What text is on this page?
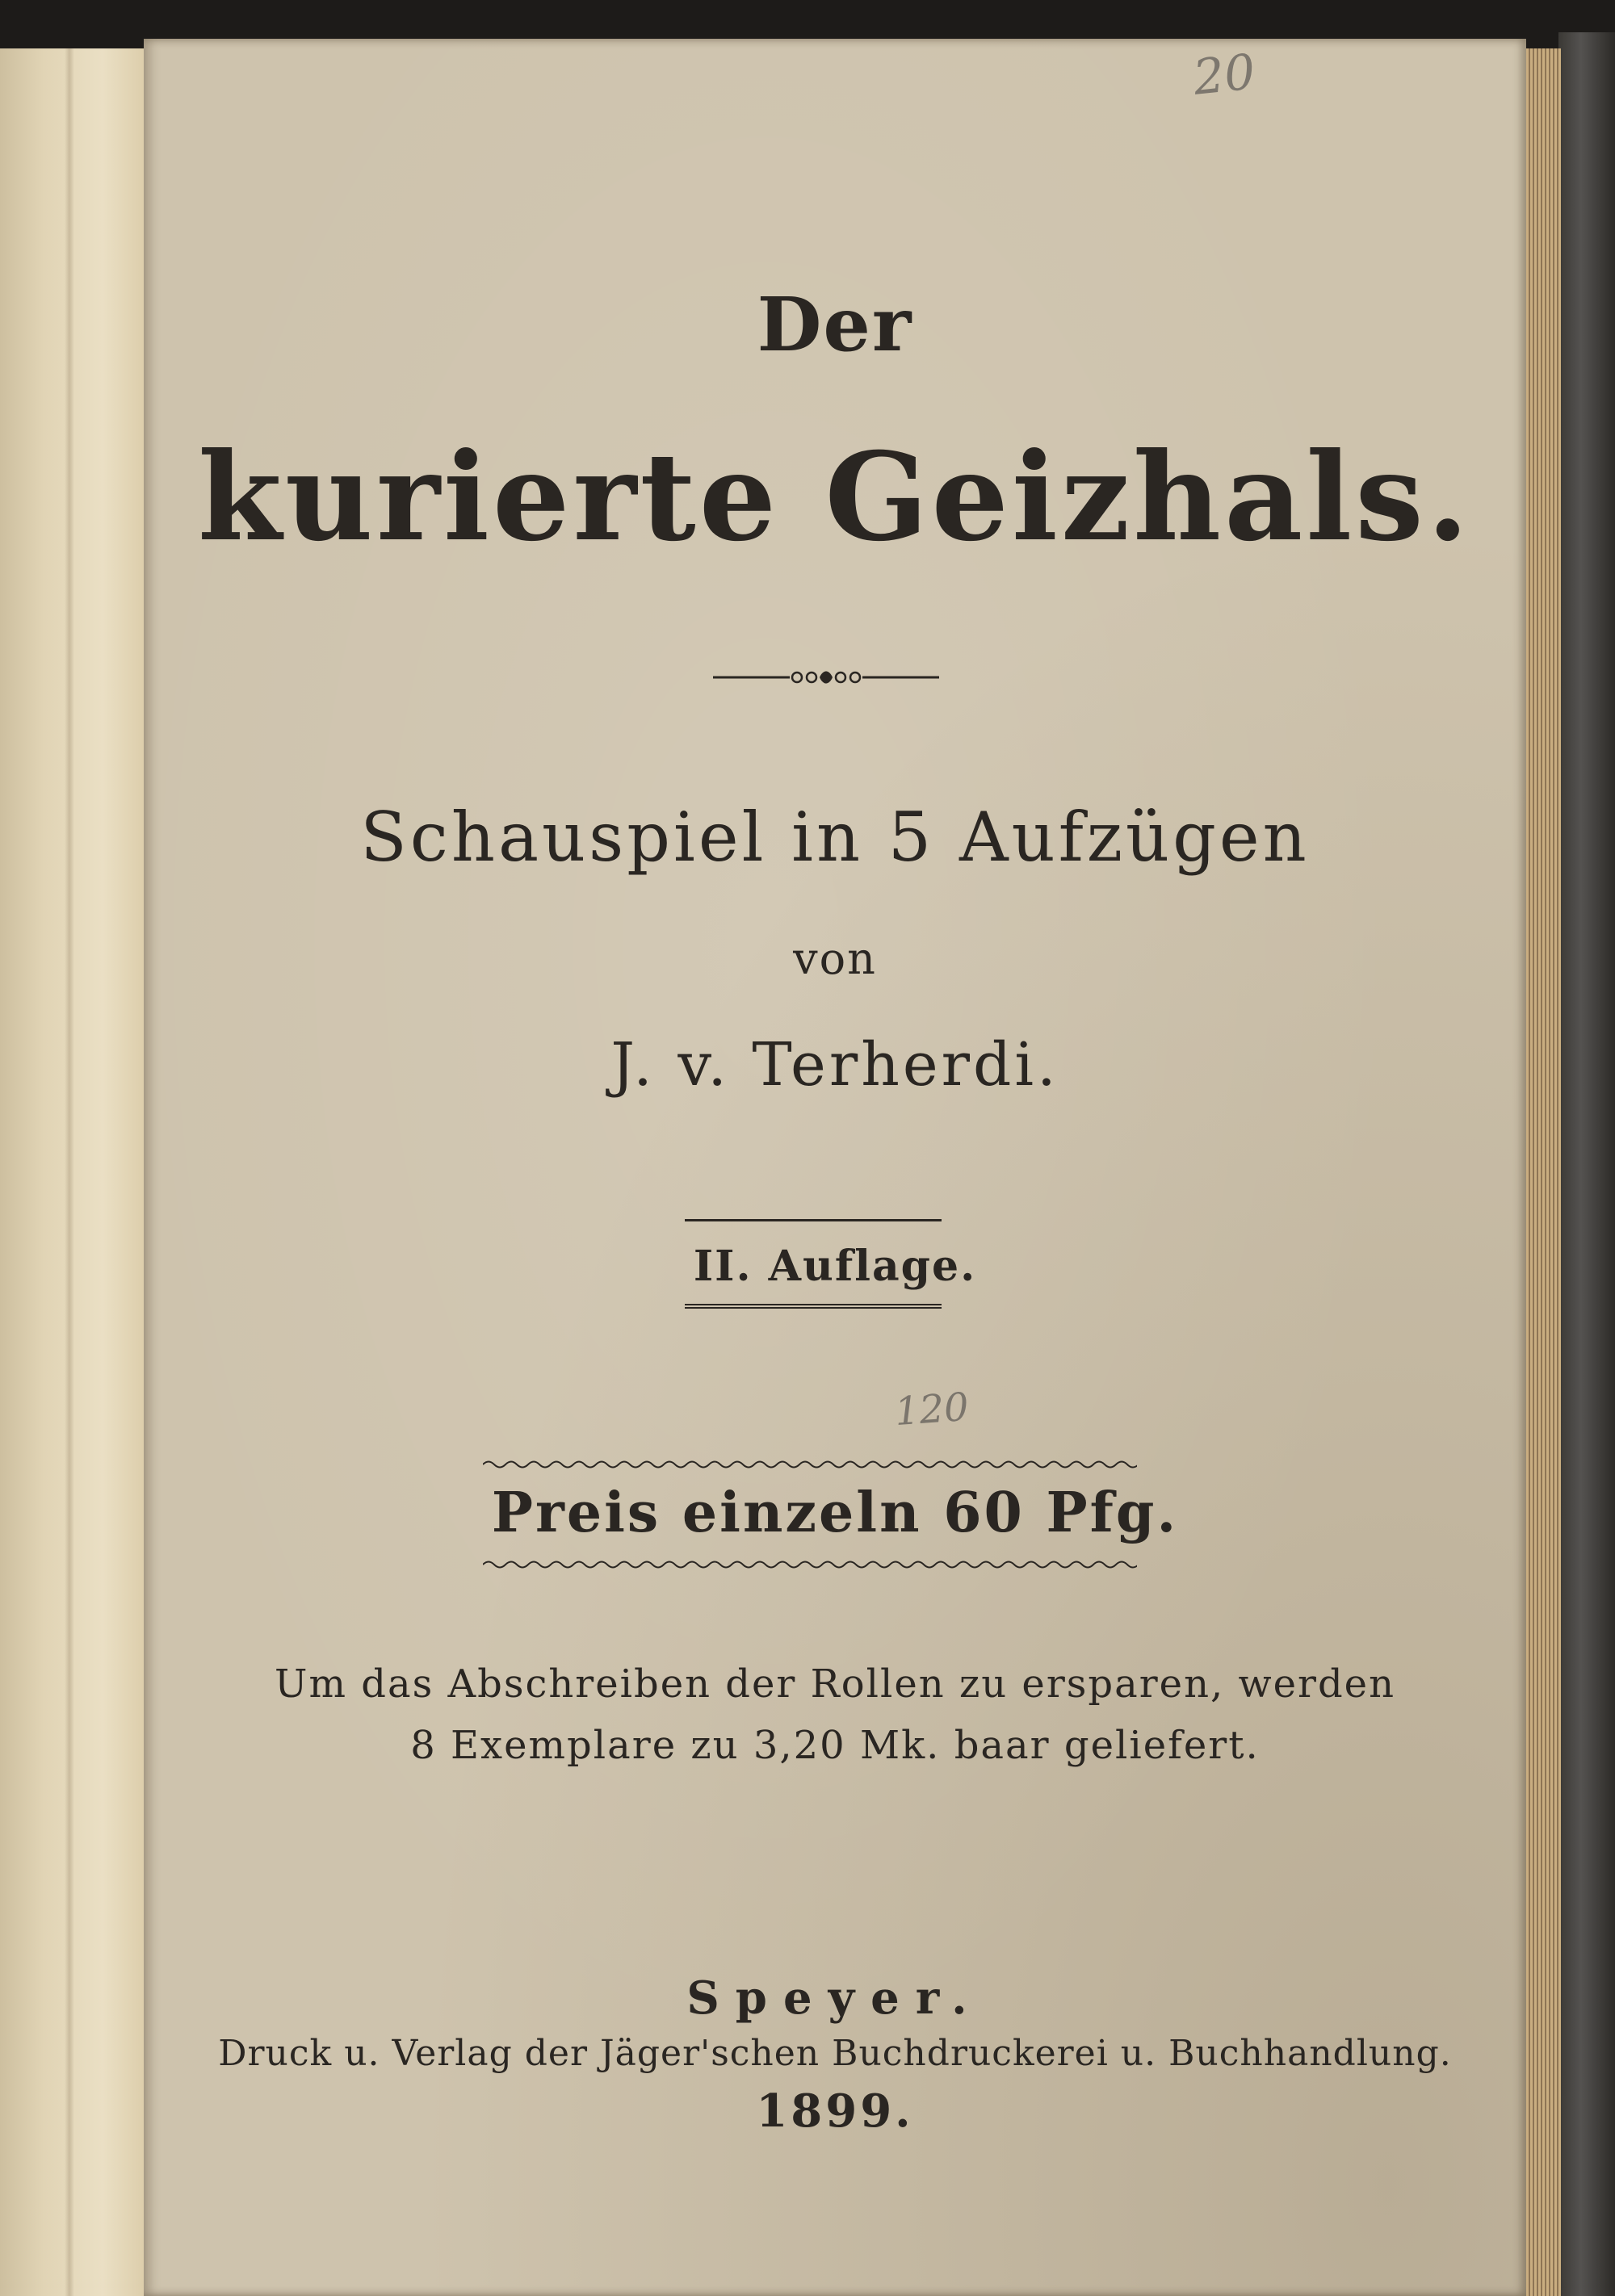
20
Der
kurierte Geizhals.
Schauspiel in 5 Aufzügen
von
J. v. Terherdi.
II. Auflage.
120
Preis einzeln 60 Pfg.
Um das Abschreiben der Rollen zu ersparen, werden
8 Exemplare zu 3,20 Mk. baar geliefert.
Speyer.
Druck u. Verlag der Jäger'schen Buchdruckerei u. Buchhandlung.
1899.
